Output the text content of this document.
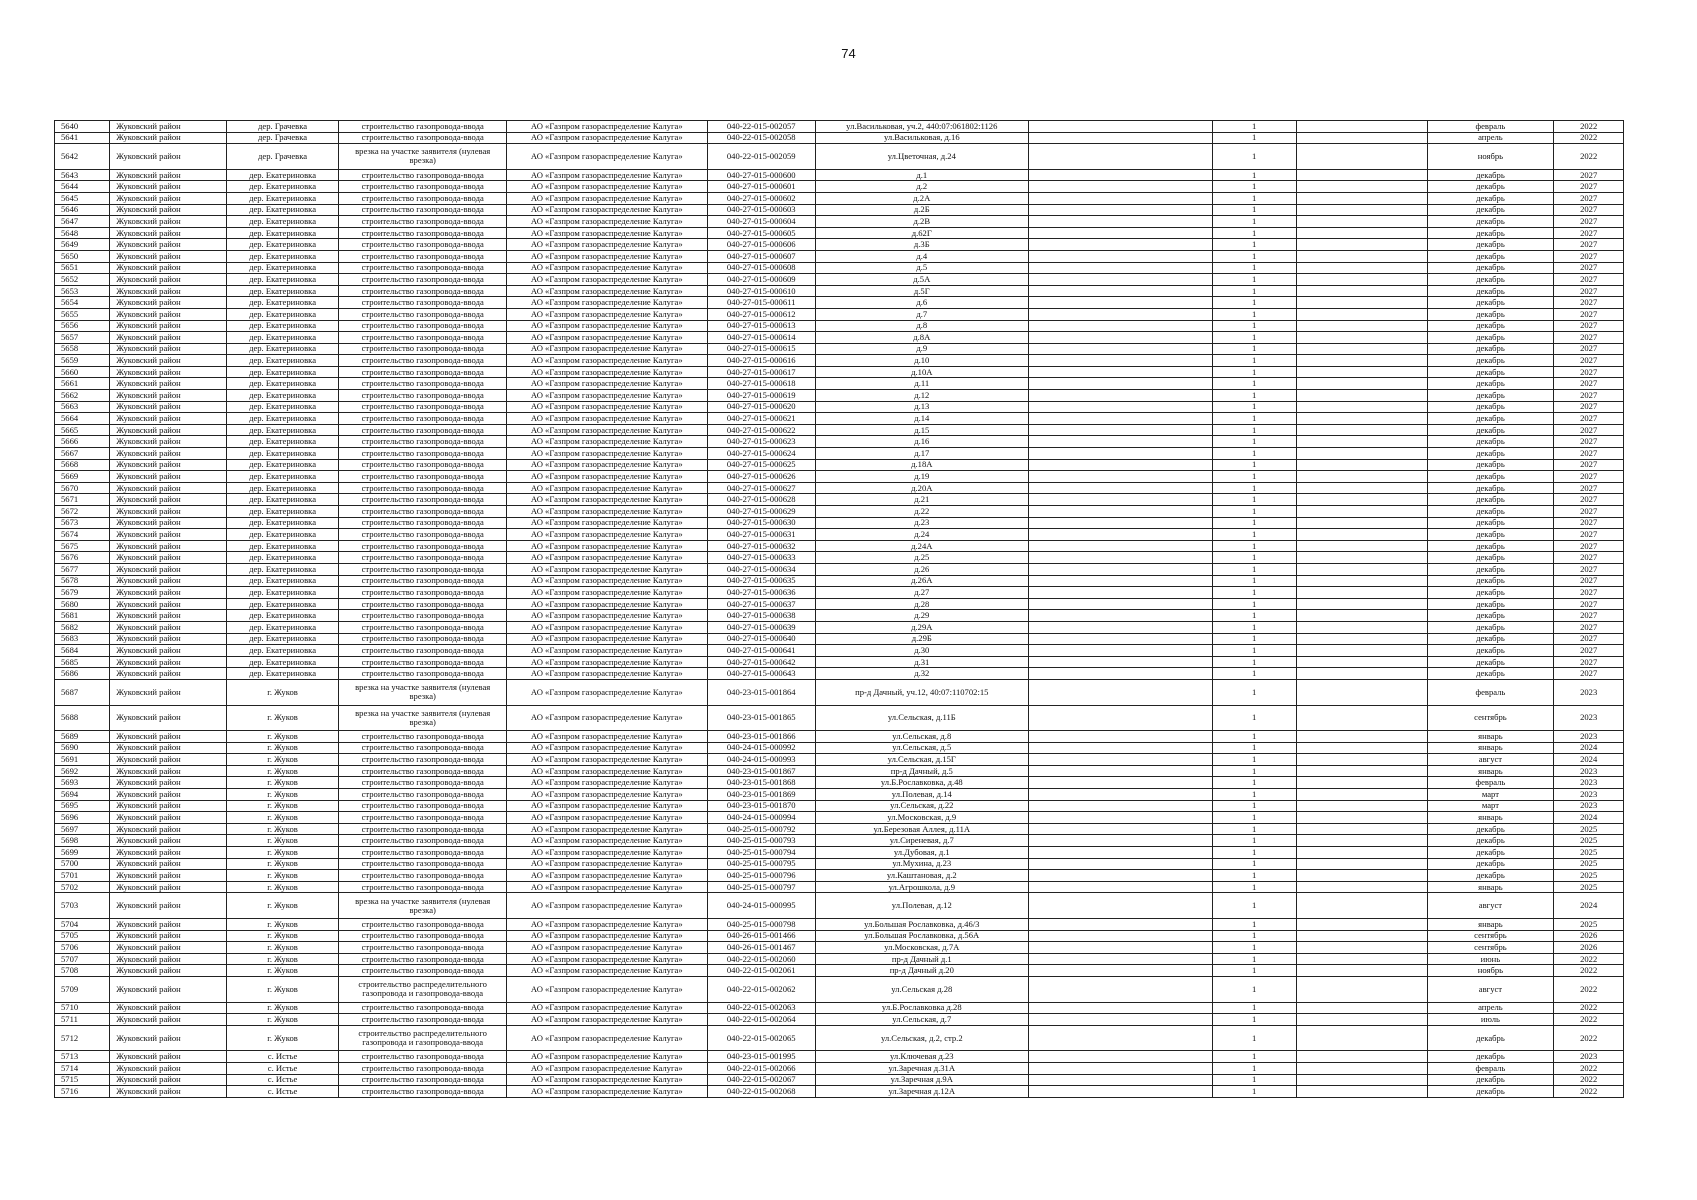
74
5640	Жуковский район	дер. Грачевка	строительство газопровода-ввода	АО «Газпром газораспределение Калуга»	040-22-015-002057	ул.Васильковая, уч.2, 440:07:061802:1126		1		февраль	2022
5641	Жуковский район	дер. Грачевка	строительство газопровода-ввода	АО «Газпром газораспределение Калуга»	040-22-015-002058	ул.Васильковая, д.16		1		апрель	2022
5642	Жуковский район	дер. Грачевка	врезка на участке заявителя (нулевая врезка)	АО «Газпром газораспределение Калуга»	040-22-015-002059	ул.Цветочная, д.24		1		ноябрь	2022
5643	Жуковский район	дер. Екатериновка	строительство газопровода-ввода	АО «Газпром газораспределение Калуга»	040-27-015-000600	д.1		1		декабрь	2027
5644	Жуковский район	дер. Екатериновка	строительство газопровода-ввода	АО «Газпром газораспределение Калуга»	040-27-015-000601	д.2		1		декабрь	2027
5645	Жуковский район	дер. Екатериновка	строительство газопровода-ввода	АО «Газпром газораспределение Калуга»	040-27-015-000602	д.2А		1		декабрь	2027
5646	Жуковский район	дер. Екатериновка	строительство газопровода-ввода	АО «Газпром газораспределение Калуга»	040-27-015-000603	д.2Б		1		декабрь	2027
5647	Жуковский район	дер. Екатериновка	строительство газопровода-ввода	АО «Газпром газораспределение Калуга»	040-27-015-000604	д.2В		1		декабрь	2027
5648	Жуковский район	дер. Екатериновка	строительство газопровода-ввода	АО «Газпром газораспределение Калуга»	040-27-015-000605	д.62Г		1		декабрь	2027
5649	Жуковский район	дер. Екатериновка	строительство газопровода-ввода	АО «Газпром газораспределение Калуга»	040-27-015-000606	д.3Б		1		декабрь	2027
5650	Жуковский район	дер. Екатериновка	строительство газопровода-ввода	АО «Газпром газораспределение Калуга»	040-27-015-000607	д.4		1		декабрь	2027
5651	Жуковский район	дер. Екатериновка	строительство газопровода-ввода	АО «Газпром газораспределение Калуга»	040-27-015-000608	д.5		1		декабрь	2027
5652	Жуковский район	дер. Екатериновка	строительство газопровода-ввода	АО «Газпром газораспределение Калуга»	040-27-015-000609	д.5А		1		декабрь	2027
5653	Жуковский район	дер. Екатериновка	строительство газопровода-ввода	АО «Газпром газораспределение Калуга»	040-27-015-000610	д.5Г		1		декабрь	2027
5654	Жуковский район	дер. Екатериновка	строительство газопровода-ввода	АО «Газпром газораспределение Калуга»	040-27-015-000611	д.6		1		декабрь	2027
5655	Жуковский район	дер. Екатериновка	строительство газопровода-ввода	АО «Газпром газораспределение Калуга»	040-27-015-000612	д.7		1		декабрь	2027
5656	Жуковский район	дер. Екатериновка	строительство газопровода-ввода	АО «Газпром газораспределение Калуга»	040-27-015-000613	д.8		1		декабрь	2027
5657	Жуковский район	дер. Екатериновка	строительство газопровода-ввода	АО «Газпром газораспределение Калуга»	040-27-015-000614	д.8А		1		декабрь	2027
5658	Жуковский район	дер. Екатериновка	строительство газопровода-ввода	АО «Газпром газораспределение Калуга»	040-27-015-000615	д.9		1		декабрь	2027
5659	Жуковский район	дер. Екатериновка	строительство газопровода-ввода	АО «Газпром газораспределение Калуга»	040-27-015-000616	д.10		1		декабрь	2027
5660	Жуковский район	дер. Екатериновка	строительство газопровода-ввода	АО «Газпром газораспределение Калуга»	040-27-015-000617	д.10А		1		декабрь	2027
5661	Жуковский район	дер. Екатериновка	строительство газопровода-ввода	АО «Газпром газораспределение Калуга»	040-27-015-000618	д.11		1		декабрь	2027
5662	Жуковский район	дер. Екатериновка	строительство газопровода-ввода	АО «Газпром газораспределение Калуга»	040-27-015-000619	д.12		1		декабрь	2027
5663	Жуковский район	дер. Екатериновка	строительство газопровода-ввода	АО «Газпром газораспределение Калуга»	040-27-015-000620	д.13		1		декабрь	2027
5664	Жуковский район	дер. Екатериновка	строительство газопровода-ввода	АО «Газпром газораспределение Калуга»	040-27-015-000621	д.14		1		декабрь	2027
5665	Жуковский район	дер. Екатериновка	строительство газопровода-ввода	АО «Газпром газораспределение Калуга»	040-27-015-000622	д.15		1		декабрь	2027
5666	Жуковский район	дер. Екатериновка	строительство газопровода-ввода	АО «Газпром газораспределение Калуга»	040-27-015-000623	д.16		1		декабрь	2027
5667	Жуковский район	дер. Екатериновка	строительство газопровода-ввода	АО «Газпром газораспределение Калуга»	040-27-015-000624	д.17		1		декабрь	2027
5668	Жуковский район	дер. Екатериновка	строительство газопровода-ввода	АО «Газпром газораспределение Калуга»	040-27-015-000625	д.18А		1		декабрь	2027
5669	Жуковский район	дер. Екатериновка	строительство газопровода-ввода	АО «Газпром газораспределение Калуга»	040-27-015-000626	д.19		1		декабрь	2027
5670	Жуковский район	дер. Екатериновка	строительство газопровода-ввода	АО «Газпром газораспределение Калуга»	040-27-015-000627	д.20А		1		декабрь	2027
5671	Жуковский район	дер. Екатериновка	строительство газопровода-ввода	АО «Газпром газораспределение Калуга»	040-27-015-000628	д.21		1		декабрь	2027
5672	Жуковский район	дер. Екатериновка	строительство газопровода-ввода	АО «Газпром газораспределение Калуга»	040-27-015-000629	д.22		1		декабрь	2027
5673	Жуковский район	дер. Екатериновка	строительство газопровода-ввода	АО «Газпром газораспределение Калуга»	040-27-015-000630	д.23		1		декабрь	2027
5674	Жуковский район	дер. Екатериновка	строительство газопровода-ввода	АО «Газпром газораспределение Калуга»	040-27-015-000631	д.24		1		декабрь	2027
5675	Жуковский район	дер. Екатериновка	строительство газопровода-ввода	АО «Газпром газораспределение Калуга»	040-27-015-000632	д.24А		1		декабрь	2027
5676	Жуковский район	дер. Екатериновка	строительство газопровода-ввода	АО «Газпром газораспределение Калуга»	040-27-015-000633	д.25		1		декабрь	2027
5677	Жуковский район	дер. Екатериновка	строительство газопровода-ввода	АО «Газпром газораспределение Калуга»	040-27-015-000634	д.26		1		декабрь	2027
5678	Жуковский район	дер. Екатериновка	строительство газопровода-ввода	АО «Газпром газораспределение Калуга»	040-27-015-000635	д.26А		1		декабрь	2027
5679	Жуковский район	дер. Екатериновка	строительство газопровода-ввода	АО «Газпром газораспределение Калуга»	040-27-015-000636	д.27		1		декабрь	2027
5680	Жуковский район	дер. Екатериновка	строительство газопровода-ввода	АО «Газпром газораспределение Калуга»	040-27-015-000637	д.28		1		декабрь	2027
5681	Жуковский район	дер. Екатериновка	строительство газопровода-ввода	АО «Газпром газораспределение Калуга»	040-27-015-000638	д.29		1		декабрь	2027
5682	Жуковский район	дер. Екатериновка	строительство газопровода-ввода	АО «Газпром газораспределение Калуга»	040-27-015-000639	д.29А		1		декабрь	2027
5683	Жуковский район	дер. Екатериновка	строительство газопровода-ввода	АО «Газпром газораспределение Калуга»	040-27-015-000640	д.29Б		1		декабрь	2027
5684	Жуковский район	дер. Екатериновка	строительство газопровода-ввода	АО «Газпром газораспределение Калуга»	040-27-015-000641	д.30		1		декабрь	2027
5685	Жуковский район	дер. Екатериновка	строительство газопровода-ввода	АО «Газпром газораспределение Калуга»	040-27-015-000642	д.31		1		декабрь	2027
5686	Жуковский район	дер. Екатериновка	строительство газопровода-ввода	АО «Газпром газораспределение Калуга»	040-27-015-000643	д.32		1		декабрь	2027
5687	Жуковский район	г. Жуков	врезка на участке заявителя (нулевая врезка)	АО «Газпром газораспределение Калуга»	040-23-015-001864	пр-д Дачный, уч.12, 40:07:110702:15		1		февраль	2023
5688	Жуковский район	г. Жуков	врезка на участке заявителя (нулевая врезка)	АО «Газпром газораспределение Калуга»	040-23-015-001865	ул.Сельская, д.11Б		1		сентябрь	2023
5689	Жуковский район	г. Жуков	строительство газопровода-ввода	АО «Газпром газораспределение Калуга»	040-23-015-001866	ул.Сельская, д.8		1		январь	2023
5690	Жуковский район	г. Жуков	строительство газопровода-ввода	АО «Газпром газораспределение Калуга»	040-24-015-000992	ул.Сельская, д.5		1		январь	2024
5691	Жуковский район	г. Жуков	строительство газопровода-ввода	АО «Газпром газораспределение Калуга»	040-24-015-000993	ул.Сельская, д.15Г		1		август	2024
5692	Жуковский район	г. Жуков	строительство газопровода-ввода	АО «Газпром газораспределение Калуга»	040-23-015-001867	пр-д Дачный, д.5		1		январь	2023
5693	Жуковский район	г. Жуков	строительство газопровода-ввода	АО «Газпром газораспределение Калуга»	040-23-015-001868	ул.Б.Рославковка, д.48		1		февраль	2023
5694	Жуковский район	г. Жуков	строительство газопровода-ввода	АО «Газпром газораспределение Калуга»	040-23-015-001869	ул.Полевая, д.14		1		март	2023
5695	Жуковский район	г. Жуков	строительство газопровода-ввода	АО «Газпром газораспределение Калуга»	040-23-015-001870	ул.Сельская, д.22		1		март	2023
5696	Жуковский район	г. Жуков	строительство газопровода-ввода	АО «Газпром газораспределение Калуга»	040-24-015-000994	ул.Московская, д.9		1		январь	2024
5697	Жуковский район	г. Жуков	строительство газопровода-ввода	АО «Газпром газораспределение Калуга»	040-25-015-000792	ул.Березовая Аллея, д.11А		1		декабрь	2025
5698	Жуковский район	г. Жуков	строительство газопровода-ввода	АО «Газпром газораспределение Калуга»	040-25-015-000793	ул.Сиреневая, д.7		1		декабрь	2025
5699	Жуковский район	г. Жуков	строительство газопровода-ввода	АО «Газпром газораспределение Калуга»	040-25-015-000794	ул.Дубовая, д.1		1		декабрь	2025
5700	Жуковский район	г. Жуков	строительство газопровода-ввода	АО «Газпром газораспределение Калуга»	040-25-015-000795	ул.Мухина, д.23		1		декабрь	2025
5701	Жуковский район	г. Жуков	строительство газопровода-ввода	АО «Газпром газораспределение Калуга»	040-25-015-000796	ул.Каштановая, д.2		1		декабрь	2025
5702	Жуковский район	г. Жуков	строительство газопровода-ввода	АО «Газпром газораспределение Калуга»	040-25-015-000797	ул.Агрошкола, д.9		1		январь	2025
5703	Жуковский район	г. Жуков	врезка на участке заявителя (нулевая врезка)	АО «Газпром газораспределение Калуга»	040-24-015-000995	ул.Полевая, д.12		1		август	2024
5704	Жуковский район	г. Жуков	строительство газопровода-ввода	АО «Газпром газораспределение Калуга»	040-25-015-000798	ул.Большая Рославковка, д.46/3		1		январь	2025
5705	Жуковский район	г. Жуков	строительство газопровода-ввода	АО «Газпром газораспределение Калуга»	040-26-015-001466	ул.Большая Рославковка, д.56А		1		сентябрь	2026
5706	Жуковский район	г. Жуков	строительство газопровода-ввода	АО «Газпром газораспределение Калуга»	040-26-015-001467	ул.Московская, д.7А		1		сентябрь	2026
5707	Жуковский район	г. Жуков	строительство газопровода-ввода	АО «Газпром газораспределение Калуга»	040-22-015-002060	пр-д Дачный д.1		1		июнь	2022
5708	Жуковский район	г. Жуков	строительство газопровода-ввода	АО «Газпром газораспределение Калуга»	040-22-015-002061	пр-д Дачный д.20		1		ноябрь	2022
5709	Жуковский район	г. Жуков	строительство распределительного газопровода и газопровода-ввода	АО «Газпром газораспределение Калуга»	040-22-015-002062	ул.Сельская д.28		1		август	2022
5710	Жуковский район	г. Жуков	строительство газопровода-ввода	АО «Газпром газораспределение Калуга»	040-22-015-002063	ул.Б.Рославковка д.28		1		апрель	2022
5711	Жуковский район	г. Жуков	строительство газопровода-ввода	АО «Газпром газораспределение Калуга»	040-22-015-002064	ул.Сельская, д.7		1		июль	2022
5712	Жуковский район	г. Жуков	строительство распределительного газопровода и газопровода-ввода	АО «Газпром газораспределение Калуга»	040-22-015-002065	ул.Сельская, д.2, стр.2		1		декабрь	2022
5713	Жуковский район	с. Истье	строительство газопровода-ввода	АО «Газпром газораспределение Калуга»	040-23-015-001995	ул.Ключевая д.23		1		декабрь	2023
5714	Жуковский район	с. Истье	строительство газопровода-ввода	АО «Газпром газораспределение Калуга»	040-22-015-002066	ул.Заречная д.31А		1		февраль	2022
5715	Жуковский район	с. Истье	строительство газопровода-ввода	АО «Газпром газораспределение Калуга»	040-22-015-002067	ул.Заречная д.9А		1		декабрь	2022
5716	Жуковский район	с. Истье	строительство газопровода-ввода	АО «Газпром газораспределение Калуга»	040-22-015-002068	ул.Заречная д.12А		1		декабрь	2022
